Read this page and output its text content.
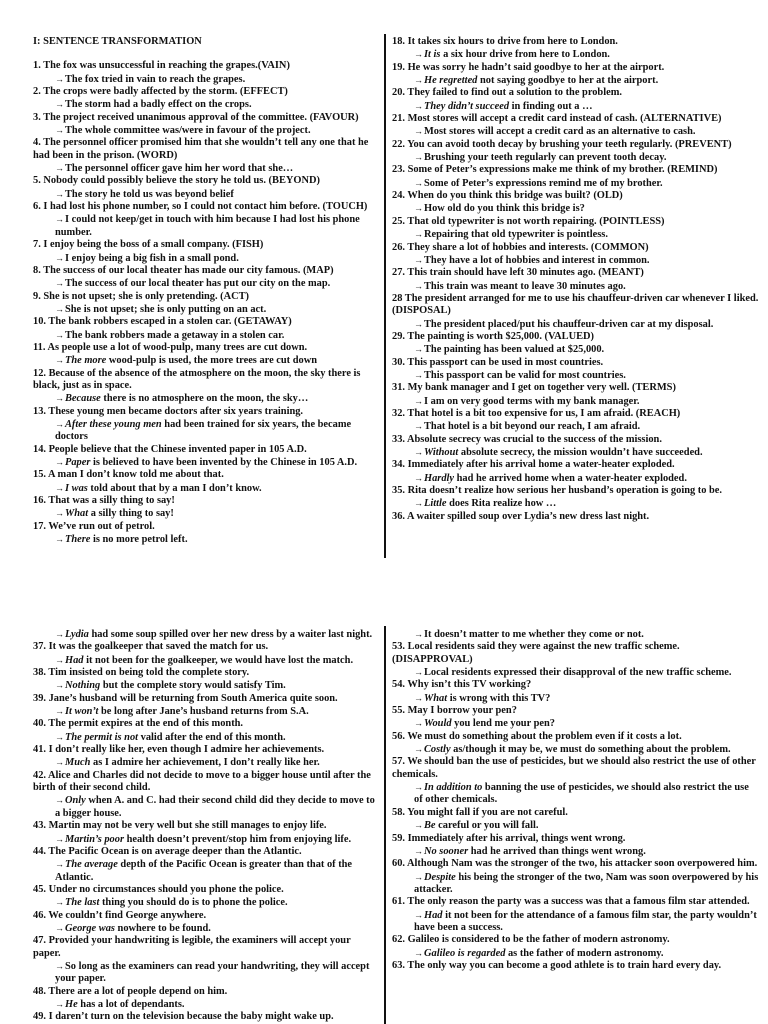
I: SENTENCE TRANSFORMATION
1. The fox was unsuccessful in reaching the grapes.(VAIN)
→The fox tried in vain to reach the grapes.
2. The crops were badly affected by the storm. (EFFECT)
→The storm had a badly effect on the crops.
3. The project received unanimous approval of the committee. (FAVOUR)
→The whole committee was/were in favour of the project.
4. The personnel officer promised him that she wouldn’t tell any one that he had been in the prison. (WORD)
→The personnel officer gave him her word that she…
5. Nobody could possibly believe the story he told us. (BEYOND)
→The story he told us was beyond belief
6. I had lost his phone number, so I could not contact him before. (TOUCH)
→I could not keep/get in touch with him because I had lost his phone number.
7. I enjoy being the boss of a small company. (FISH)
→I enjoy being a big fish in a small pond.
8. The success of our local theater has made our city famous. (MAP)
→The success of our local theater has put our city on the map.
9. She is not upset; she is only pretending. (ACT)
→She is not upset; she is only putting on an act.
10. The bank robbers escaped in a stolen car. (GETAWAY)
→The bank robbers made a getaway in a stolen car.
11. As people use a lot of wood-pulp, many trees are cut down.
→The more wood-pulp is used, the more trees are cut down
12. Because of the absence of the atmosphere on the moon, the sky there is black, just as in space.
→Because there is no atmosphere on the moon, the sky…
13. These young men became doctors after six years training.
→After these young men had been trained for six years, the became doctors
14. People believe that the Chinese invented paper in 105 A.D.
→Paper is believed to have been invented by the Chinese in 105 A.D.
15. A man I don’t know told me about that.
→I was told about that by a man I don’t know.
16. That was a silly thing to say!
→What a silly thing to say!
17. We’ve run out of petrol.
→There is no more petrol left.
18. It takes six hours to drive from here to London.
→It is a six hour drive from here to London.
19. He was sorry he hadn’t said goodbye to her at the airport.
→He regretted not saying goodbye to her at the airport.
20. They failed to find out a solution to the problem.
→They didn’t succeed in finding out a …
21. Most stores will accept a credit card instead of cash. (ALTERNATIVE)
→Most stores will accept a credit card as an alternative to cash.
22. You can avoid tooth decay by brushing your teeth regularly. (PREVENT)
→Brushing your teeth regularly can prevent tooth decay.
23. Some of Peter’s expressions make me think of my brother. (REMIND)
→Some of Peter’s expressions remind me of my brother.
24. When do you think this bridge was built? (OLD)
→How old do you think this bridge is?
25. That old typewriter is not worth repairing. (POINTLESS)
→Repairing that old typewriter is pointless.
26. They share a lot of hobbies and interests. (COMMON)
→They have a lot of hobbies and interest in common.
27. This train should have left 30 minutes ago. (MEANT)
→This train was meant to leave 30 minutes ago.
28 The president arranged for me to use his chauffeur-driven car whenever I liked. (DISPOSAL)
→The president placed/put his chauffeur-driven car at my disposal.
29. The painting is worth $25,000. (VALUED)
→The painting has been valued at $25,000.
30. This passport can be used in most countries.
→This passport can be valid for most countries.
31. My bank manager and I get on together very well. (TERMS)
→I am on very good terms with my bank manager.
32. That hotel is a bit too expensive for us, I am afraid. (REACH)
→That hotel is a bit beyond our reach, I am afraid.
33. Absolute secrecy was crucial to the success of the mission.
→Without absolute secrecy, the mission wouldn’t have succeeded.
34. Immediately after his arrival home a water-heater exploded.
→Hardly had he arrived home when a water-heater exploded.
35. Rita doesn’t realize how serious her husband’s operation is going to be.
→Little does Rita realize how …
36. A waiter spilled soup over Lydia’s new dress last night.
→Lydia had some soup spilled over her new dress by a waiter last night.
37. It was the goalkeeper that saved the match for us.
→Had it not been for the goalkeeper, we would have lost the match.
38. Tim insisted on being told the complete story.
→Nothing but the complete story would satisfy Tim.
39. Jane’s husband will be returning from South America quite soon.
→It won’t be long after Jane’s husband returns from S.A.
40. The permit expires at the end of this month.
→The permit is not valid after the end of this month.
41. I don’t really like her, even though I admire her achievements.
→Much as I admire her achievement, I don’t really like her.
42. Alice and Charles did not decide to move to a bigger house until after the birth of their second child.
→Only when A. and C. had their second child did they decide to move to a bigger house.
43. Martin may not be very well but she still manages to enjoy life.
→Martin’s poor health doesn’t prevent/stop him from enjoying life.
44. The Pacific Ocean is on average deeper than the Atlantic.
→The average depth of the Pacific Ocean is greater than that of the Atlantic.
45. Under no circumstances should you phone the police.
→The last thing you should do is to phone the police.
46. We couldn’t find George anywhere.
→George was nowhere to be found.
47. Provided your handwriting is legible, the examiners will accept your paper.
→So long as the examiners can read your handwriting, they will accept your paper.
48. There are a lot of people depend on him.
→He has a lot of dependants.
49. I daren’t turn on the television because the baby might wake up.
→It doesn’t matter to me whether they come or not.
53. Local residents said they were against the new traffic scheme. (DISAPPROVAL)
→Local residents expressed their disapproval of the new traffic scheme.
54. Why isn’t this TV working?
→What is wrong with this TV?
55. May I borrow your pen?
→Would you lend me your pen?
56. We must do something about the problem even if it costs a lot.
→Costly as/though it may be, we must do something about the problem.
57. We should ban the use of pesticides, but we should also restrict the use of other chemicals.
→In addition to banning the use of pesticides, we should also restrict the use of other chemicals.
58. You might fall if you are not careful.
→Be careful or you will fall.
59. Immediately after his arrival, things went wrong.
→No sooner had he arrived than things went wrong.
60. Although Nam was the stronger of the two, his attacker soon overpowered him.
→Despite his being the stronger of the two, Nam was soon overpowered by his attacker.
61. The only reason the party was a success was that a famous film star attended.
→Had it not been for the attendance of a famous film star, the party wouldn’t have been a success.
62. Galileo is considered to be the father of modern astronomy.
→Galileo is regarded as the father of modern astronomy.
63. The only way you can become a good athlete is to train hard every day.
